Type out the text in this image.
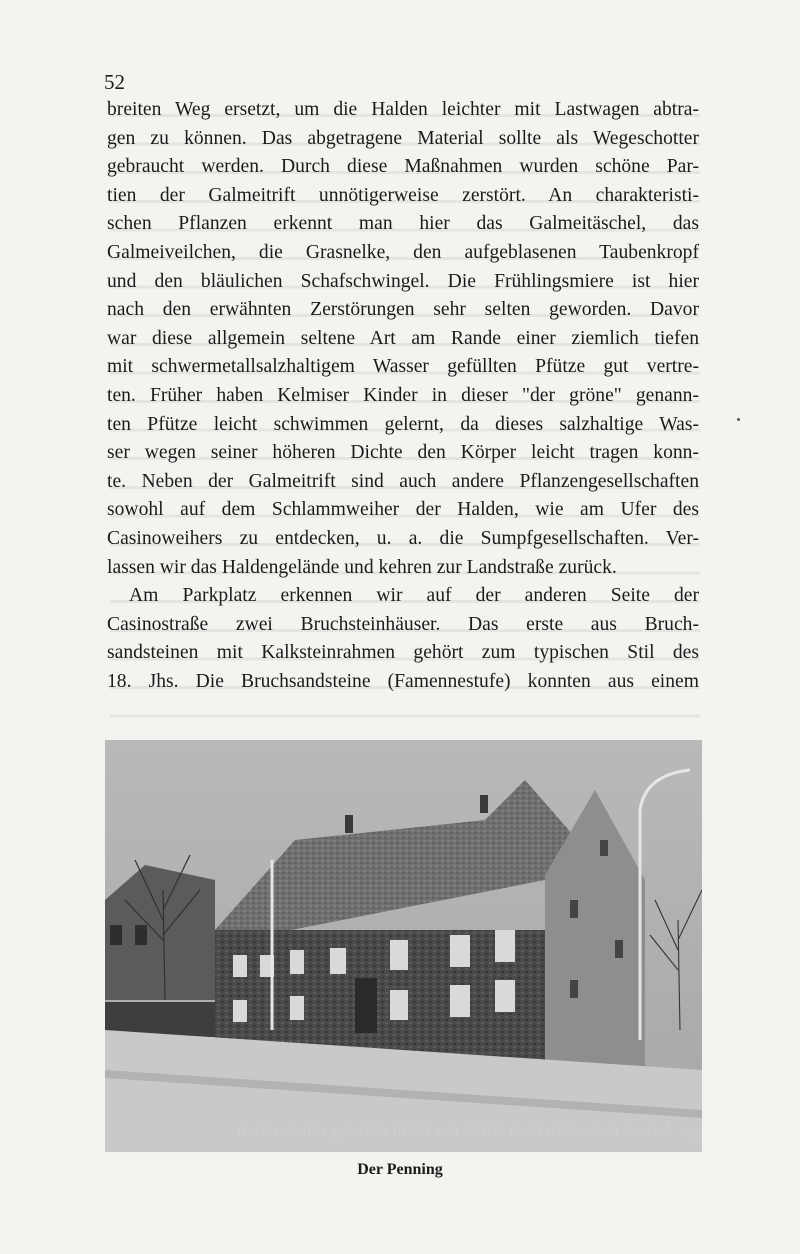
52
breiten Weg ersetzt, um die Halden leichter mit Lastwagen abtra-
gen zu können. Das abgetragene Material sollte als Wegeschotter
gebraucht werden. Durch diese Maßnahmen wurden schöne Par-
tien der Galmeitrift unnötigerweise zerstört. An charakteristi-
schen Pflanzen erkennt man hier das Galmeitäschel, das
Galmeiveilchen, die Grasnelke, den aufgeblasenen Taubenkropf
und den bläulichen Schafschwingel. Die Frühlingsmiere ist hier
nach den erwähnten Zerstörungen sehr selten geworden. Davor
war diese allgemein seltene Art am Rande einer ziemlich tiefen
mit schwermetallsalzhaltigem Wasser gefüllten Pfütze gut vertre-
ten. Früher haben Kelmiser Kinder in dieser "der gröne" genann-
ten Pfütze leicht schwimmen gelernt, da dieses salzhaltige Was-
ser wegen seiner höheren Dichte den Körper leicht tragen konn-
te. Neben der Galmeitrift sind auch andere Pflanzengesellschaften
sowohl auf dem Schlammweiher der Halden, wie am Ufer des
Casinoweihers zu entdecken, u. a. die Sumpfgesellschaften. Ver-
lassen wir das Haldengelände und kehren zur Landstraße zurück.
Am Parkplatz erkennen wir auf der anderen Seite der
Casinostraße zwei Bruchsteinhäuser. Das erste aus Bruch-
sandsteinen mit Kalksteinrahmen gehört zum typischen Stil des
18. Jhs. Die Bruchsandsteine (Famennestufe) konnten aus einem
ger Jahren den schlichten Blick der Göhl entlang durch einen
Der Penning
